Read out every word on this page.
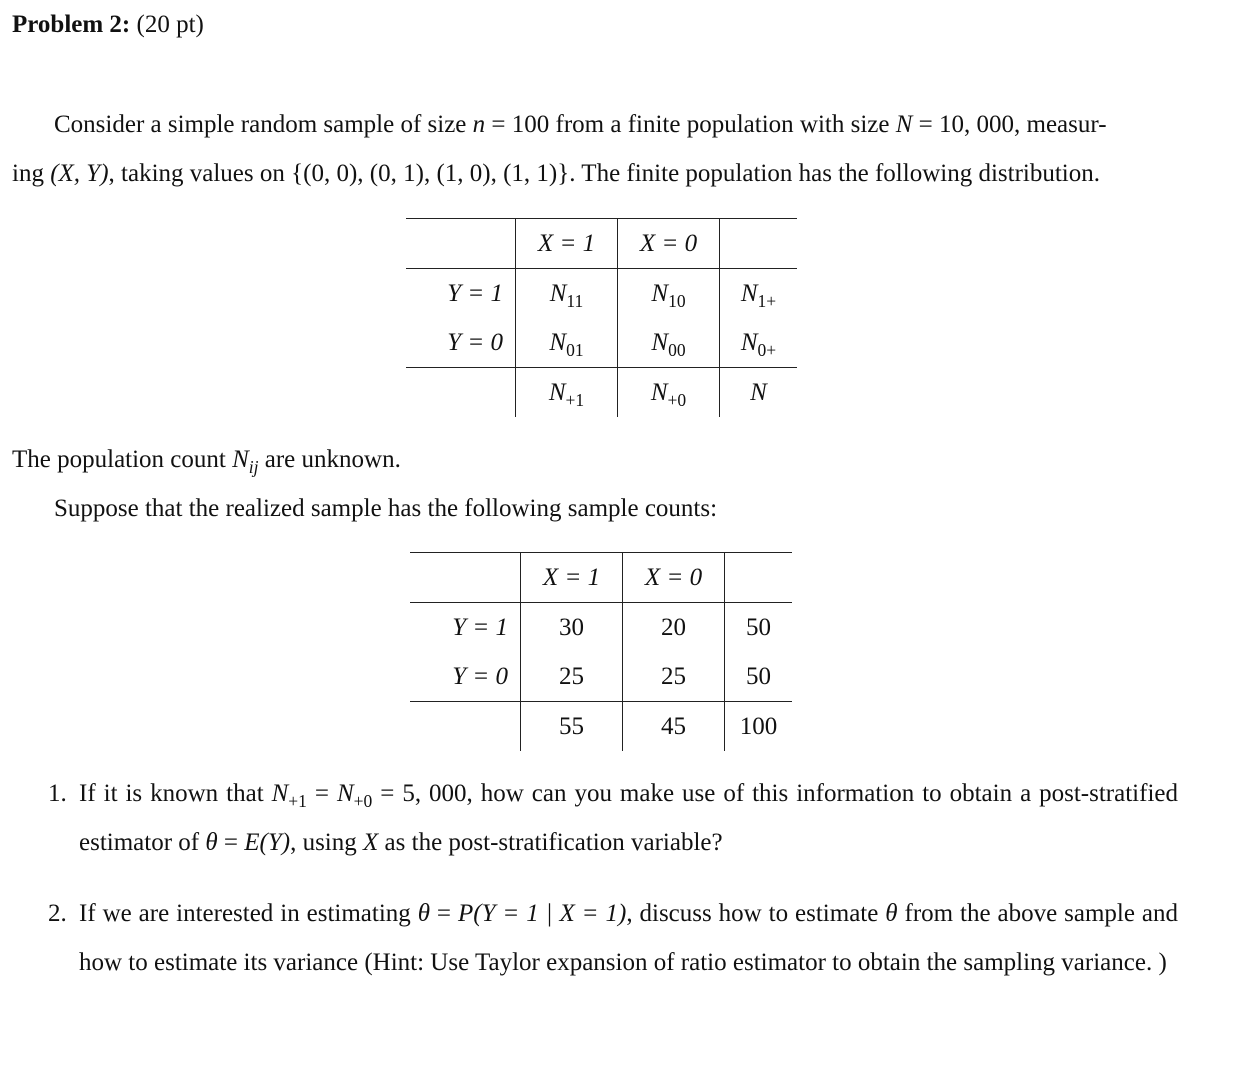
Problem 2: (20 pt)
Consider a simple random sample of size n = 100 from a finite population with size N = 10, 000, measur-
ing (X, Y), taking values on {(0, 0), (0, 1), (1, 0), (1, 1)}. The finite population has the following distribution.
	X = 1	X = 0	
Y = 1	$N_{11}$	$N_{10}$	$N_{1+}$
Y = 0	$N_{01}$	$N_{00}$	$N_{0+}$
	$N_{+1}$	$N_{+0}$	N
The population count $N_{ij}$ are unknown.
Suppose that the realized sample has the following sample counts:
	X = 1	X = 0	
Y = 1	30	20	50
Y = 0	25	25	50
	55	45	100
1. If it is known that $N_{+1} = N_{+0} = 5$, 000, how can you make use of this information to obtain a post-stratified estimator of θ = E(Y), using X as the post-stratification variable?
2. If we are interested in estimating θ = P(Y = 1 | X = 1), discuss how to estimate θ from the above sample and how to estimate its variance (Hint: Use Taylor expansion of ratio estimator to obtain the sampling variance. )
